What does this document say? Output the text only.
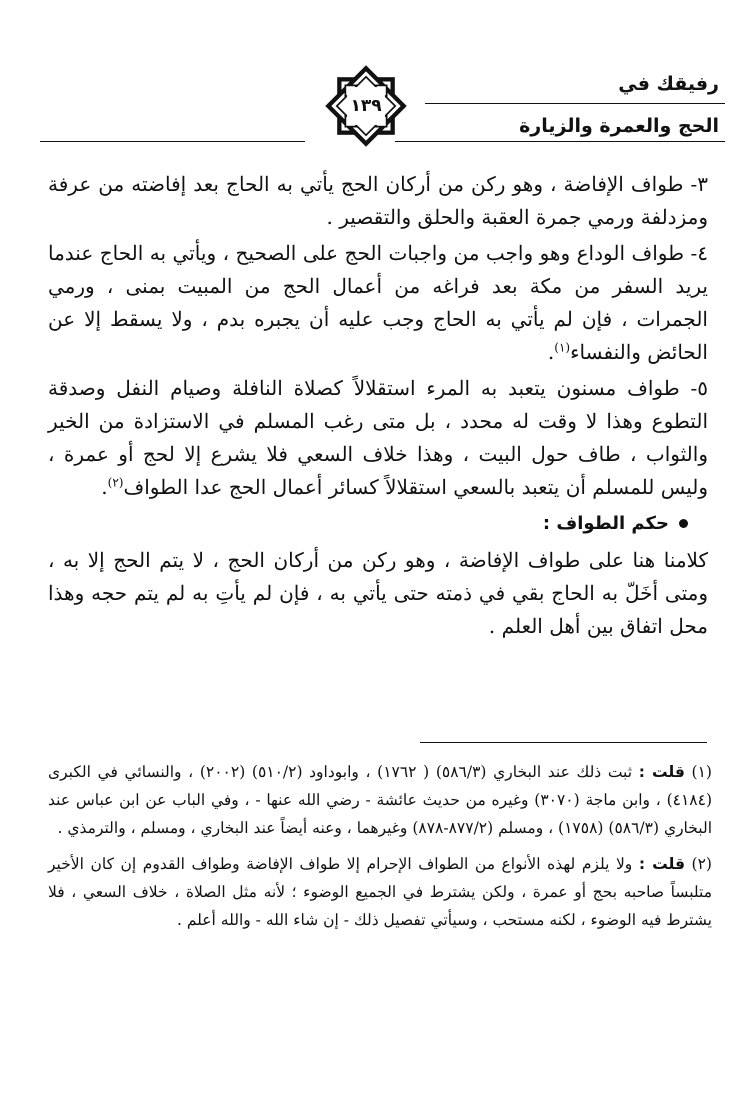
رفيقك في
الحج والعمرة والزيارة
١٣٩

٣- طواف الإفاضة ، وهو ركن من أركان الحج يأتي به الحاج بعد إفاضته من عرفة ومزدلفة ورمي جمرة العقبة والحلق والتقصير .

٤- طواف الوداع وهو واجب من واجبات الحج على الصحيح ، ويأتي به الحاج عندما يريد السفر من مكة بعد فراغه من أعمال الحج من المبيت بمنى ، ورمي الجمرات ، فإن لم يأتي به الحاج وجب عليه أن يجبره بدم ، ولا يسقط إلا عن الحائض والنفساء$^{(١)}$.

٥- طواف مسنون يتعبد به المرء استقلالاً كصلاة النافلة وصيام النفل وصدقة التطوع وهذا لا وقت له محدد ، بل متى رغب المسلم في الاستزادة من الخير والثواب ، طاف حول البيت ، وهذا خلاف السعي فلا يشرع إلا لحج أو عمرة ، وليس للمسلم أن يتعبد بالسعي استقلالاً كسائر أعمال الحج عدا الطواف$^{(٢)}$.

حكم الطواف :

كلامنا هنا على طواف الإفاضة ، وهو ركن من أركان الحج ، لا يتم الحج إلا به ، ومتى أخَلّ به الحاج بقي في ذمته حتى يأتي به ، فإن لم يأتِ به لم يتم حجه وهذا محل اتفاق بين أهل العلم .

(١) قلت : ثبت ذلك عند البخاري (٥٨٦/٣) ( ١٧٦٢) ، وابوداود (٥١٠/٢) (٢٠٠٢) ، والنسائي في الكبرى (٤١٨٤) ، وابن ماجة (٣٠٧٠) وغيره من حديث عائشة - رضي الله عنها - ، وفي الباب عن ابن عباس عند البخاري (٥٨٦/٣) (١٧٥٨) ، ومسلم (٨٧٧/٢-٨٧٨) وغيرهما ، وعنه أيضاً عند البخاري ، ومسلم ، والترمذي .

(٢) قلت : ولا يلزم لهذه الأنواع من الطواف الإحرام إلا طواف الإفاضة وطواف القدوم إن كان الأخير متلبساً صاحبه بحج أو عمرة ، ولكن يشترط في الجميع الوضوء ؛ لأنه مثل الصلاة ، خلاف السعي ، فلا يشترط فيه الوضوء ، لكنه مستحب ، وسيأتي تفصيل ذلك - إن شاء الله - والله أعلم .
